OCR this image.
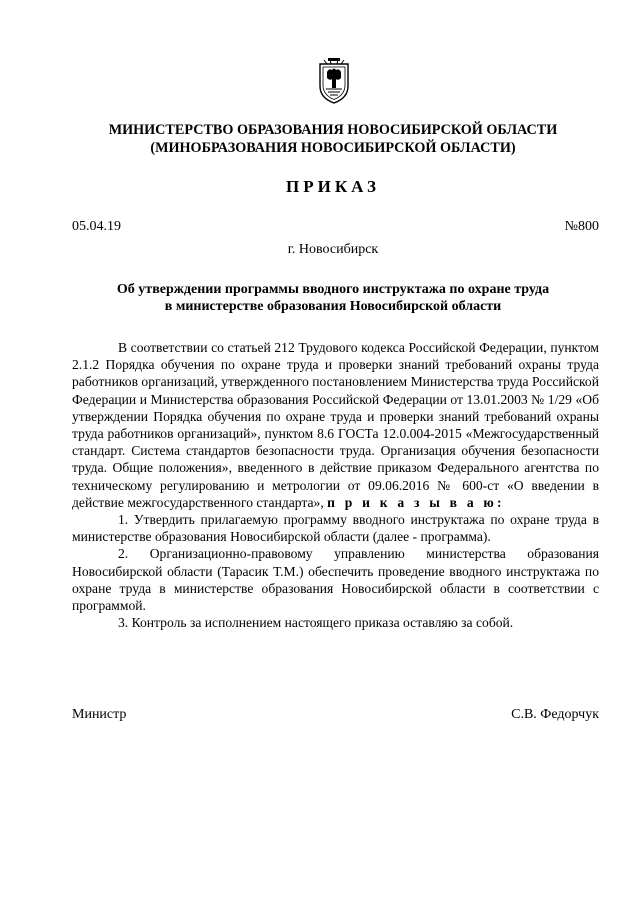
МИНИСТЕРСТВО ОБРАЗОВАНИЯ НОВОСИБИРСКОЙ ОБЛАСТИ
(МИНОБРАЗОВАНИЯ НОВОСИБИРСКОЙ ОБЛАСТИ)
ПРИКАЗ
05.04.19	№800
г. Новосибирск
Об утверждении программы вводного инструктажа по охране труда
в министерстве образования Новосибирской области

В соответствии со статьей 212 Трудового кодекса Российской Федерации, пунктом 2.1.2 Порядка обучения по охране труда и проверки знаний требований охраны труда работников организаций, утвержденного постановлением Министерства труда Российской Федерации и Министерства образования Российской Федерации от 13.01.2003 № 1/29 «Об утверждении Порядка обучения по охране труда и проверки знаний требований охраны труда работников организаций», пунктом 8.6 ГОСТа 12.0.004-2015 «Межгосударственный стандарт. Система стандартов безопасности труда. Организация обучения безопасности труда. Общие положения», введенного в действие приказом Федерального агентства по техническому регулированию и метрологии от 09.06.2016 № 600-ст «О введении в действие межгосударственного стандарта», п р и к а з ы в а ю:

1. Утвердить прилагаемую программу вводного инструктажа по охране труда в министерстве образования Новосибирской области (далее - программа).

2. Организационно-правовому управлению министерства образования Новосибирской области (Тарасик Т.М.) обеспечить проведение вводного инструктажа по охране труда в министерстве образования Новосибирской области в соответствии с программой.

3. Контроль за исполнением настоящего приказа оставляю за собой.

Министр	С.В. Федорчук
